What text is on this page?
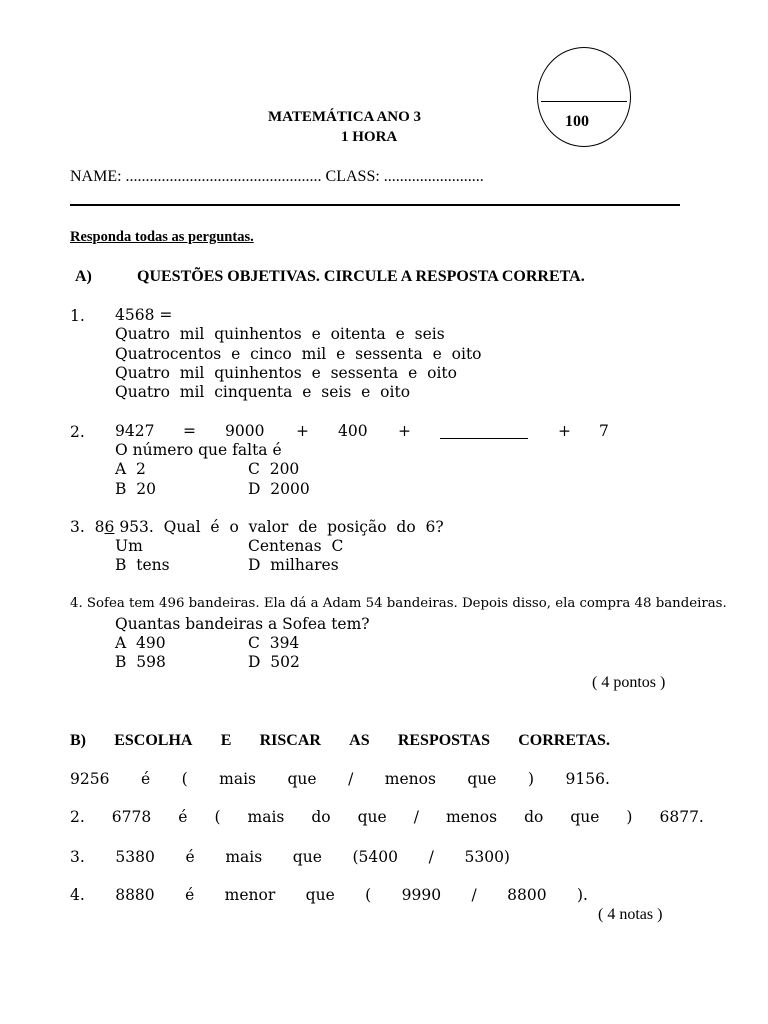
MATEMÁTICA ANO 3
1 HORA
100
NAME: ................................................. CLASS: .........................
Responda todas as perguntas.
A)	QUESTÕES OBJETIVAS. CIRCULE A RESPOSTA CORRETA.
1. 4568 =
Quatro  mil  quinhentos  e  oitenta  e  seis
Quatrocentos  e  cinco  mil  e  sessenta  e  oito
Quatro  mil  quinhentos  e  sessenta  e  oito
Quatro  mil  cinquenta  e  seis  e  oito
2. 9427 = 9000 + 400 +	+ 7
O número que falta é
A  2	C  200
B  20	D  2000
3.  86 953.  Qual  é  o  valor  de  posição  do  6?
Um	Centenas  C
B  tens	D  milhares
4. Sofea tem 496 bandeiras. Ela dá a Adam 54 bandeiras. Depois disso, ela compra 48 bandeiras.
Quantas bandeiras a Sofea tem?
A  490	C  394
B  598	D  502
( 4 pontos )
B) ESCOLHA E RISCAR AS RESPOSTAS CORRETAS.
9256 é ( mais que / menos que ) 9156.
2. 6778 é ( mais do que / menos do que ) 6877.
3. 5380 é mais que (5400 / 5300)
4. 8880 é menor que ( 9990 / 8800 ).
( 4 notas )
